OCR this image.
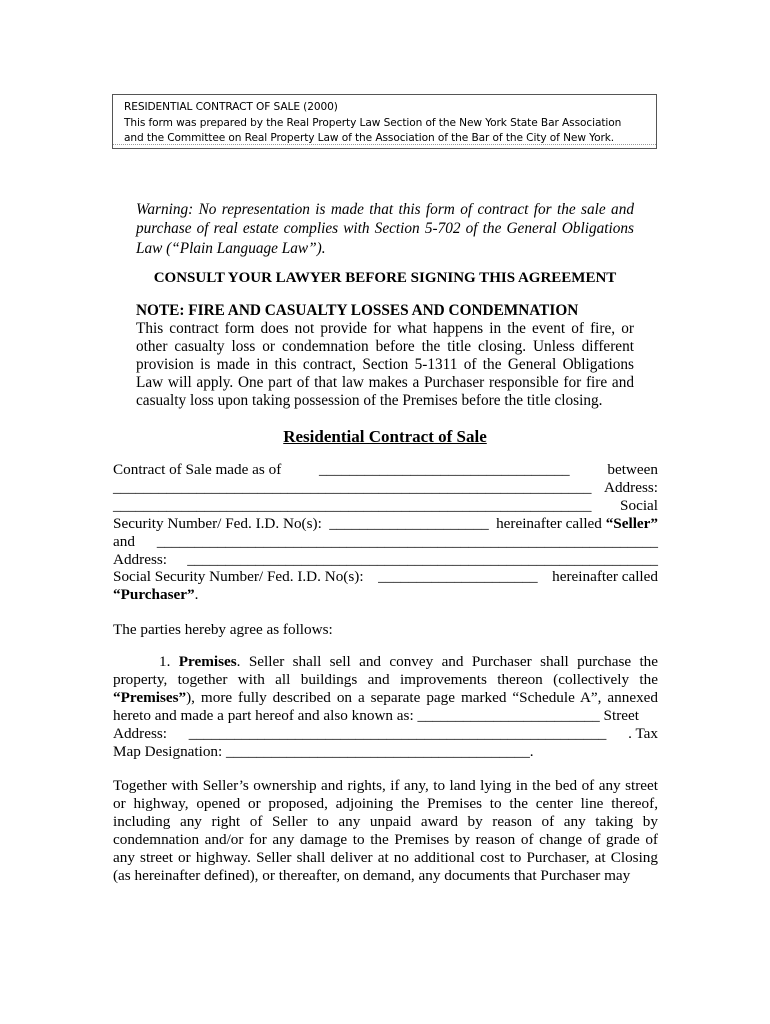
RESIDENTIAL CONTRACT OF SALE (2000)
This form was prepared by the Real Property Law Section of the New York State Bar Association
and the Committee on Real Property Law of the Association of the Bar of the City of New York.
Warning: No representation is made that this form of contract for the sale and purchase of real estate complies with Section 5-702 of the General Obligations Law (“Plain Language Law”).
CONSULT YOUR LAWYER BEFORE SIGNING THIS AGREEMENT
NOTE: FIRE AND CASUALTY LOSSES AND CONDEMNATION
This contract form does not provide for what happens in the event of fire, or other casualty loss or condemnation before the title closing. Unless different provision is made in this contract, Section 5-1311 of the General Obligations Law will apply. One part of that law makes a Purchaser responsible for fire and casualty loss upon taking possession of the Premises before the title closing.
Residential Contract of Sale
Contract of Sale made as of _________________________________ between
_______________________________________________________________ Address:
_______________________________________________________________ Social
Security Number/ Fed. I.D. No(s): _____________________ hereinafter called “Seller”
and __________________________________________________________________
Address: ______________________________________________________________
Social Security Number/ Fed. I.D. No(s): _____________________ hereinafter called
“Purchaser”.
The parties hereby agree as follows:
1. Premises. Seller shall sell and convey and Purchaser shall purchase the property, together with all buildings and improvements thereon (collectively the “Premises”), more fully described on a separate page marked “Schedule A”, annexed hereto and made a part hereof and also known as: ________________________ Street
Address: _______________________________________________________ . Tax
Map Designation: ________________________________________.
Together with Seller’s ownership and rights, if any, to land lying in the bed of any street or highway, opened or proposed, adjoining the Premises to the center line thereof, including any right of Seller to any unpaid award by reason of any taking by condemnation and/or for any damage to the Premises by reason of change of grade of any street or highway. Seller shall deliver at no additional cost to Purchaser, at Closing (as hereinafter defined), or thereafter, on demand, any documents that Purchaser may
